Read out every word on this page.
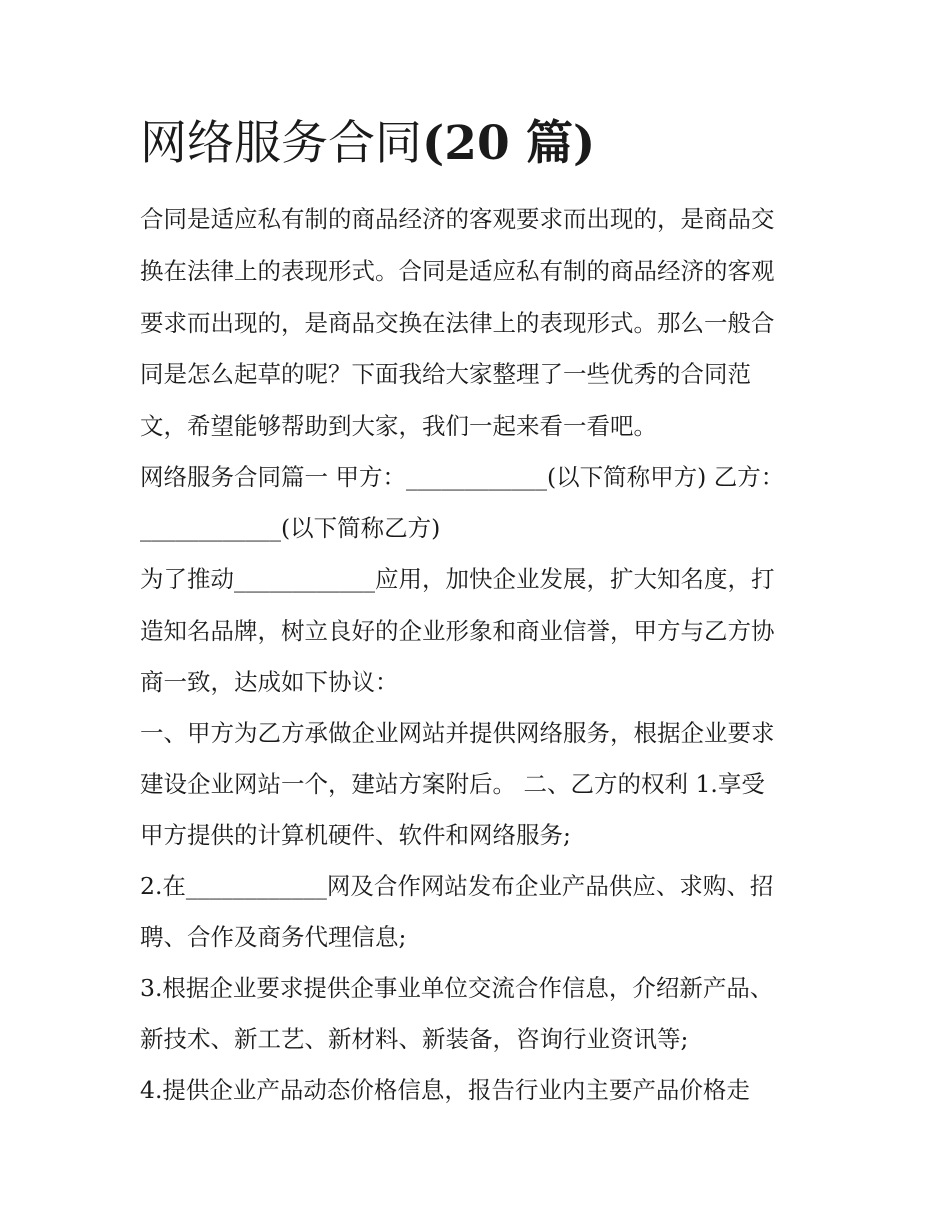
网络服务合同(20 篇)
合同是适应私有制的商品经济的客观要求而出现的，是商品交
换在法律上的表现形式。合同是适应私有制的商品经济的客观
要求而出现的，是商品交换在法律上的表现形式。那么一般合
同是怎么起草的呢？下面我给大家整理了一些优秀的合同范
文，希望能够帮助到大家，我们一起来看一看吧。
网络服务合同篇一 甲方：____________(以下简称甲方) 乙方：
____________(以下简称乙方)
为了推动____________应用，加快企业发展，扩大知名度，打
造知名品牌，树立良好的企业形象和商业信誉，甲方与乙方协
商一致，达成如下协议：
一、甲方为乙方承做企业网站并提供网络服务，根据企业要求
建设企业网站一个，建站方案附后。 二、乙方的权利 1.享受
甲方提供的计算机硬件、软件和网络服务;
2.在____________网及合作网站发布企业产品供应、求购、招
聘、合作及商务代理信息;
3.根据企业要求提供企事业单位交流合作信息，介绍新产品、
新技术、新工艺、新材料、新装备，咨询行业资讯等;
4.提供企业产品动态价格信息，报告行业内主要产品价格走
